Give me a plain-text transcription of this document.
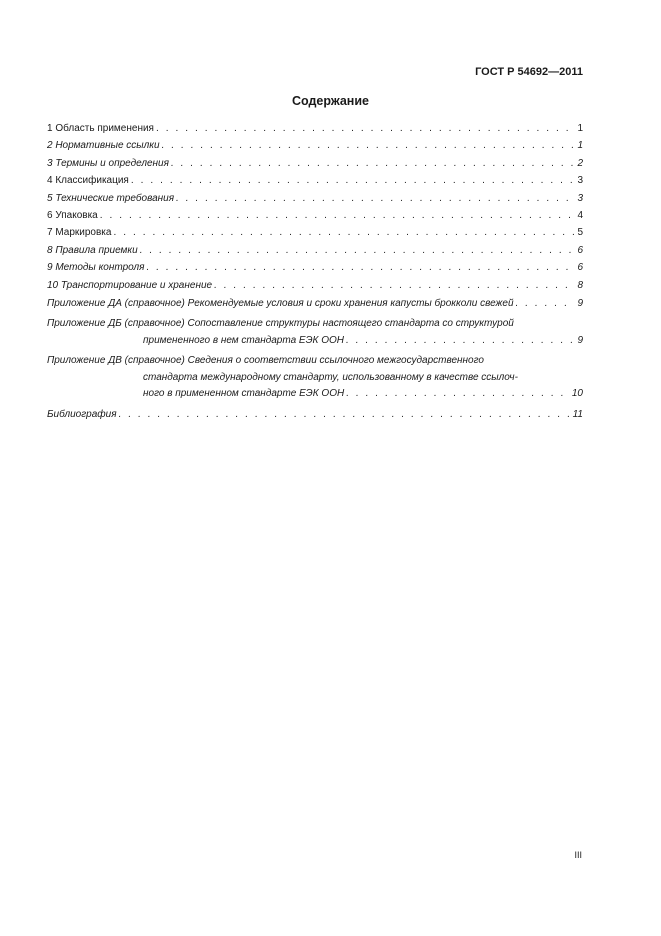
ГОСТ Р 54692—2011
Содержание
1 Область применения . . .	1
2 Нормативные ссылки . . .	1
3 Термины и определения . . .	2
4 Классификация . . .	3
5 Технические требования . . .	3
6 Упаковка . . .	4
7 Маркировка . . .	5
8 Правила приемки . . .	6
9 Методы контроля . . .	6
10 Транспортирование и хранение . . .	8
Приложение ДА (справочное)
Рекомендуемые условия и сроки хранения капусты брокколи свежей . . .	9
Приложение ДБ (справочное)
Сопоставление структуры настоящего стандарта со структурой
примененного в нем стандарта ЕЭК ООН . . .	9
Приложение ДВ (справочное)
Сведения о соответствии ссылочного межгосударственного
стандарта международному стандарту, использованному в качестве ссылоч-
ного в примененном стандарте ЕЭК ООН . . .	10
Библиография . . .	11
III
